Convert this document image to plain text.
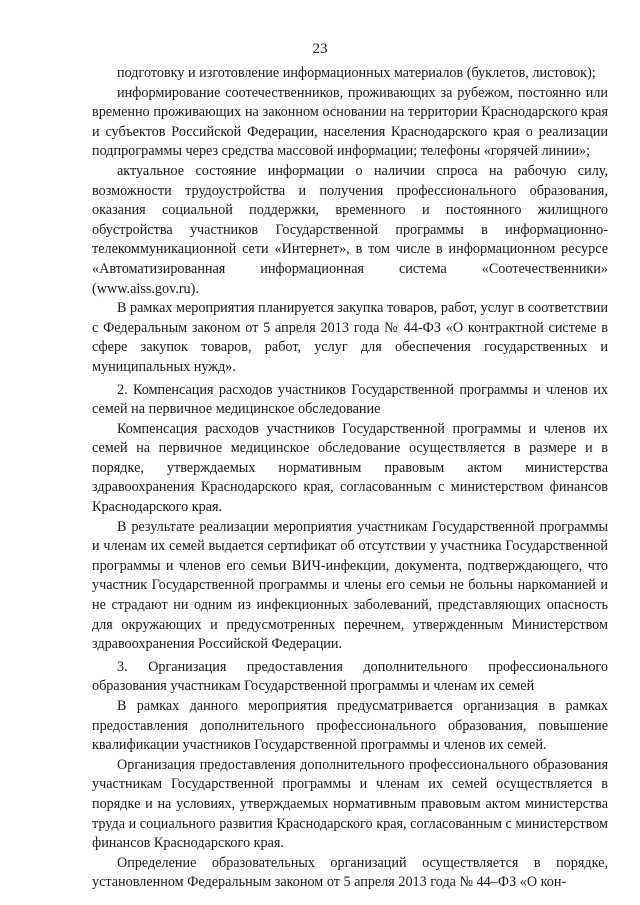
23

подготовку и изготовление информационных материалов (буклетов, листовок);

информирование соотечественников, проживающих за рубежом, постоянно или временно проживающих на законном основании на территории Краснодарского края и субъектов Российской Федерации, населения Краснодарского края о реализации подпрограммы через средства массовой информации; телефоны «горячей линии»;

актуальное состояние информации о наличии спроса на рабочую силу, возможности трудоустройства и получения профессионального образования, оказания социальной поддержки, временного и постоянного жилищного обустройства участников Государственной программы в информационно-телекоммуникационной сети «Интернет», в том числе в информационном ресурсе «Автоматизированная информационная система «Соотечественники» (www.aiss.gov.ru).

В рамках мероприятия планируется закупка товаров, работ, услуг в соответствии с Федеральным законом от 5 апреля 2013 года № 44-ФЗ «О контрактной системе в сфере закупок товаров, работ, услуг для обеспечения государственных и муниципальных нужд».

2. Компенсация расходов участников Государственной программы и членов их семей на первичное медицинское обследование

Компенсация расходов участников Государственной программы и членов их семей на первичное медицинское обследование осуществляется в размере и в порядке, утверждаемых нормативным правовым актом министерства здравоохранения Краснодарского края, согласованным с министерством финансов Краснодарского края.

В результате реализации мероприятия участникам Государственной программы и членам их семей выдается сертификат об отсутствии у участника Государственной программы и членов его семьи ВИЧ-инфекции, документа, подтверждающего, что участник Государственной программы и члены его семьи не больны наркоманией и не страдают ни одним из инфекционных заболеваний, представляющих опасность для окружающих и предусмотренных перечнем, утвержденным Министерством здравоохранения Российской Федерации.

3. Организация предоставления дополнительного профессионального образования участникам Государственной программы и членам их семей

В рамках данного мероприятия предусматривается организация в рамках предоставления дополнительного профессионального образования, повышение квалификации участников Государственной программы и членов их семей.

Организация предоставления дополнительного профессионального образования участникам Государственной программы и членам их семей осуществляется в порядке и на условиях, утверждаемых нормативным правовым актом министерства труда и социального развития Краснодарского края, согласованным с министерством финансов Краснодарского края.

Определение образовательных организаций осуществляется в порядке, установленном Федеральным законом от 5 апреля 2013 года № 44–ФЗ «О кон-
